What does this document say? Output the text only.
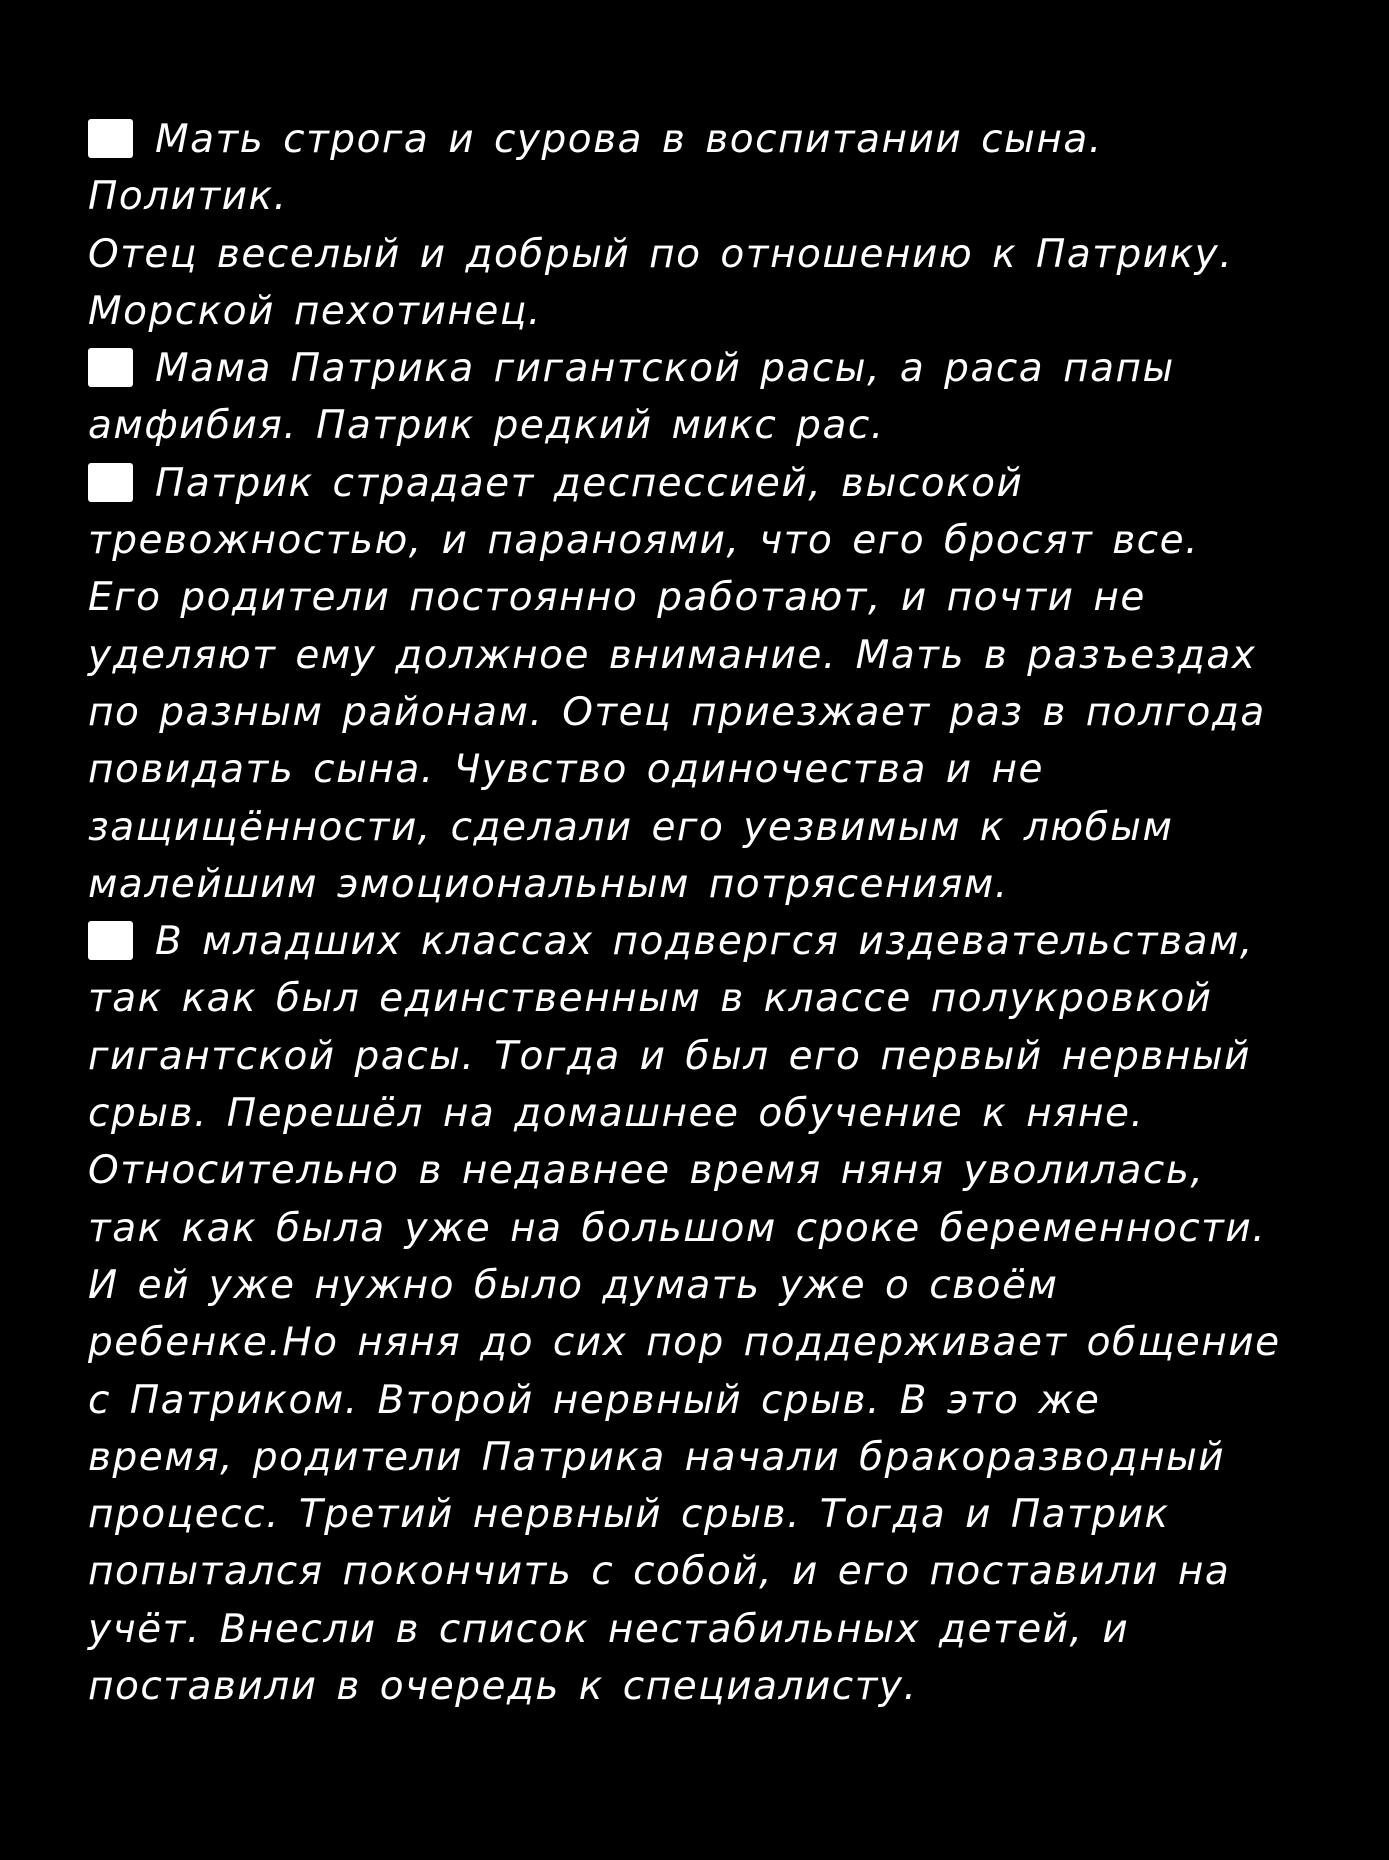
Мать строга и сурова в воспитании сына.
Политик.
Отец веселый и добрый по отношению к Патрику.
Морской пехотинец.
Мама Патрика гигантской расы, а раса папы
амфибия. Патрик редкий микс рас.
Патрик страдает деспессией, высокой
тревожностью, и параноями, что его бросят все.
Его родители постоянно работают, и почти не
уделяют ему должное внимание. Мать в разъездах
по разным районам. Отец приезжает раз в полгода
повидать сына. Чувство одиночества и не
защищённости, сделали его уезвимым к любым
малейшим эмоциональным потрясениям.
В младших классах подвергся издевательствам,
так как был единственным в классе полукровкой
гигантской расы. Тогда и был его первый нервный
срыв. Перешёл на домашнее обучение к няне.
Относительно в недавнее время няня уволилась,
так как была уже на большом сроке беременности.
И ей уже нужно было думать уже о своём
ребенке.Но няня до сих пор поддерживает общение
с Патриком. Второй нервный срыв. В это же
время, родители Патрика начали бракоразводный
процесс. Третий нервный срыв. Тогда и Патрик
попытался покончить с собой, и его поставили на
учёт. Внесли в список нестабильных детей, и
поставили в очередь к специалисту.
